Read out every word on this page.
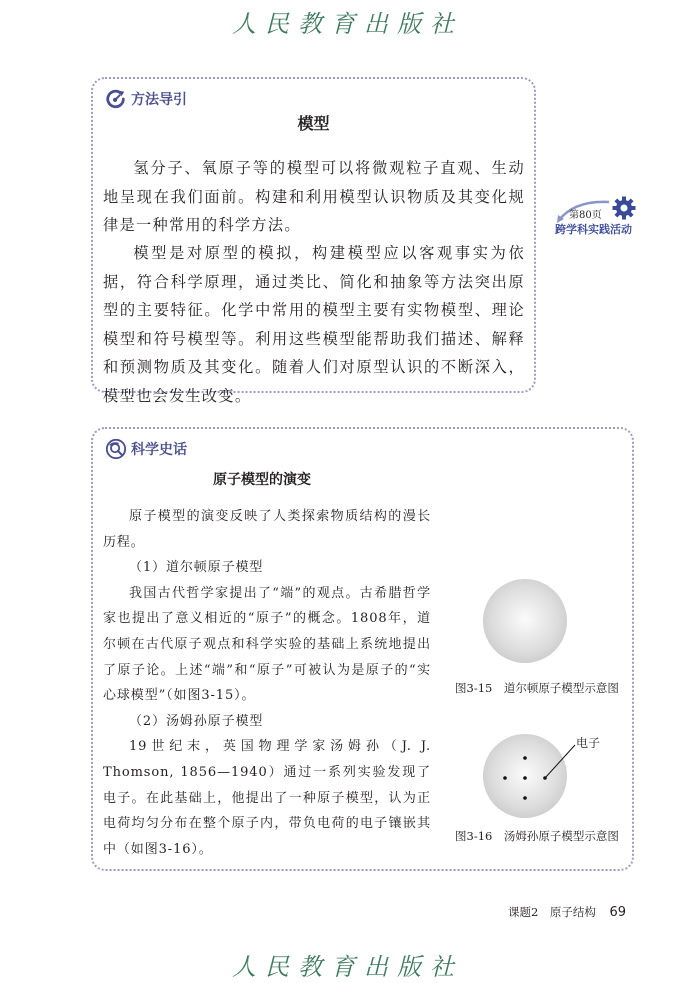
人民教育出版社
方法导引
模型

氢分子、氧原子等的模型可以将微观粒子直观、生动地呈现在我们面前。构建和利用模型认识物质及其变化规律是一种常用的科学方法。

模型是对原型的模拟，构建模型应以客观事实为依据，符合科学原理，通过类比、简化和抽象等方法突出原型的主要特征。化学中常用的模型主要有实物模型、理论模型和符号模型等。利用这些模型能帮助我们描述、解释和预测物质及其变化。随着人们对原型认识的不断深入，模型也会发生改变。

第80页
跨学科实践活动
科学史话
原子模型的演变

原子模型的演变反映了人类探索物质结构的漫长历程。

（1）道尔顿原子模型

我国古代哲学家提出了“端”的观点。古希腊哲学家也提出了意义相近的“原子”的概念。1808年，道尔顿在古代原子观点和科学实验的基础上系统地提出了原子论。上述“端”和“原子”可被认为是原子的“实心球模型”（如图3-15）。

（2）汤姆孙原子模型

19世纪末，英国物理学家汤姆孙（J. J. Thomson, 1856—1940）通过一系列实验发现了电子。在此基础上，他提出了一种原子模型，认为正电荷均匀分布在整个原子内，带负电荷的电子镶嵌其中（如图3-16）。

图3-15　道尔顿原子模型示意图
电子
图3-16　汤姆孙原子模型示意图
课题2　原子结构 69
人民教育出版社
